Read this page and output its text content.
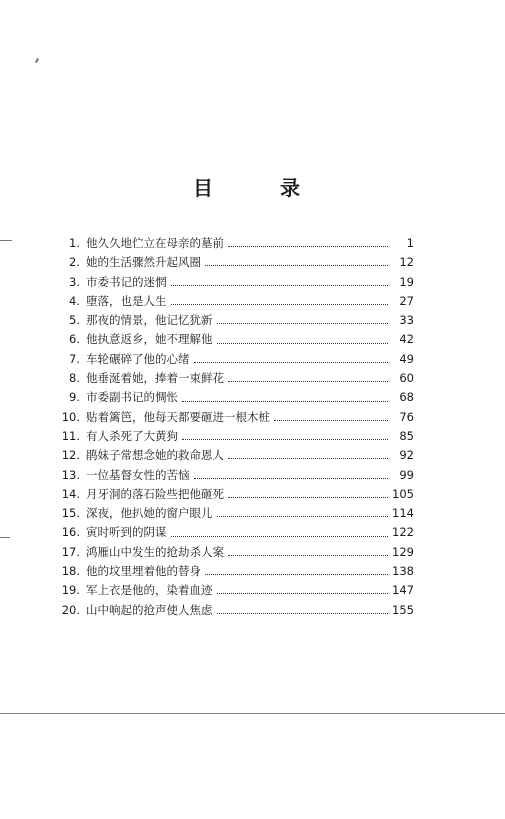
目 录
1. 他久久地伫立在母亲的墓前	1
2. 她的生活骤然升起风圈	12
3. 市委书记的迷惘	19
4. 堕落，也是人生	27
5. 那夜的情景，他记忆犹新	33
6. 他执意返乡，她不理解他	42
7. 车轮碾碎了他的心绪	49
8. 他垂涎着她，捧着一束鲜花	60
9. 市委副书记的惆怅	68
10. 贴着篱笆，他每天都要砸进一根木桩	76
11. 有人杀死了大黄狗	85
12. 鹃妹子常想念她的救命恩人	92
13. 一位基督女性的苦恼	99
14. 月牙洞的落石险些把他砸死	105
15. 深夜，他扒她的窗户眼儿	114
16. 寅时听到的阴谋	122
17. 鸿雁山中发生的抢劫杀人案	129
18. 他的坟里埋着他的替身	138
19. 军上衣是他的，染着血迹	147
20. 山中响起的抢声使人焦虑	155
